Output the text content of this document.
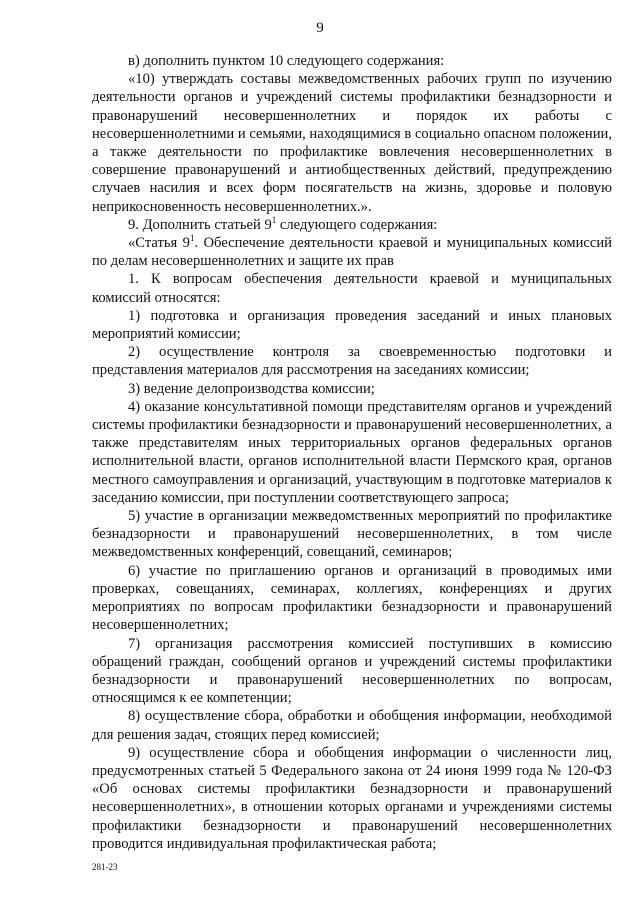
9

в) дополнить пунктом 10 следующего содержания:

«10) утверждать составы межведомственных рабочих групп по изучению деятельности органов и учреждений системы профилактики безнадзорности и правонарушений несовершеннолетних и порядок их работы с несовершеннолетними и семьями, находящимися в социально опасном положении, а также деятельности по профилактике вовлечения несовершеннолетних в совершение правонарушений и антиобщественных действий, предупреждению случаев насилия и всех форм посягательств на жизнь, здоровье и половую неприкосновенность несовершеннолетних.».

9. Дополнить статьей $9^1$ следующего содержания:

«Статья $9^1$. Обеспечение деятельности краевой и муниципальных комиссий по делам несовершеннолетних и защите их прав

1. К вопросам обеспечения деятельности краевой и муниципальных комиссий относятся:

1) подготовка и организация проведения заседаний и иных плановых мероприятий комиссии;

2) осуществление контроля за своевременностью подготовки и представления материалов для рассмотрения на заседаниях комиссии;

3) ведение делопроизводства комиссии;

4) оказание консультативной помощи представителям органов и учреждений системы профилактики безнадзорности и правонарушений несовершеннолетних, а также представителям иных территориальных органов федеральных органов исполнительной власти, органов исполнительной власти Пермского края, органов местного самоуправления и организаций, участвующим в подготовке материалов к заседанию комиссии, при поступлении соответствующего запроса;

5) участие в организации межведомственных мероприятий по профилактике безнадзорности и правонарушений несовершеннолетних, в том числе межведомственных конференций, совещаний, семинаров;

6) участие по приглашению органов и организаций в проводимых ими проверках, совещаниях, семинарах, коллегиях, конференциях и других мероприятиях по вопросам профилактики безнадзорности и правонарушений несовершеннолетних;

7) организация рассмотрения комиссией поступивших в комиссию обращений граждан, сообщений органов и учреждений системы профилактики безнадзорности и правонарушений несовершеннолетних по вопросам, относящимся к ее компетенции;

8) осуществление сбора, обработки и обобщения информации, необходимой для решения задач, стоящих перед комиссией;

9) осуществление сбора и обобщения информации о численности лиц, предусмотренных статьей 5 Федерального закона от 24 июня 1999 года № 120-ФЗ «Об основах системы профилактики безнадзорности и правонарушений несовершеннолетних», в отношении которых органами и учреждениями системы профилактики безнадзорности и правонарушений несовершеннолетних проводится индивидуальная профилактическая работа;

281-23
